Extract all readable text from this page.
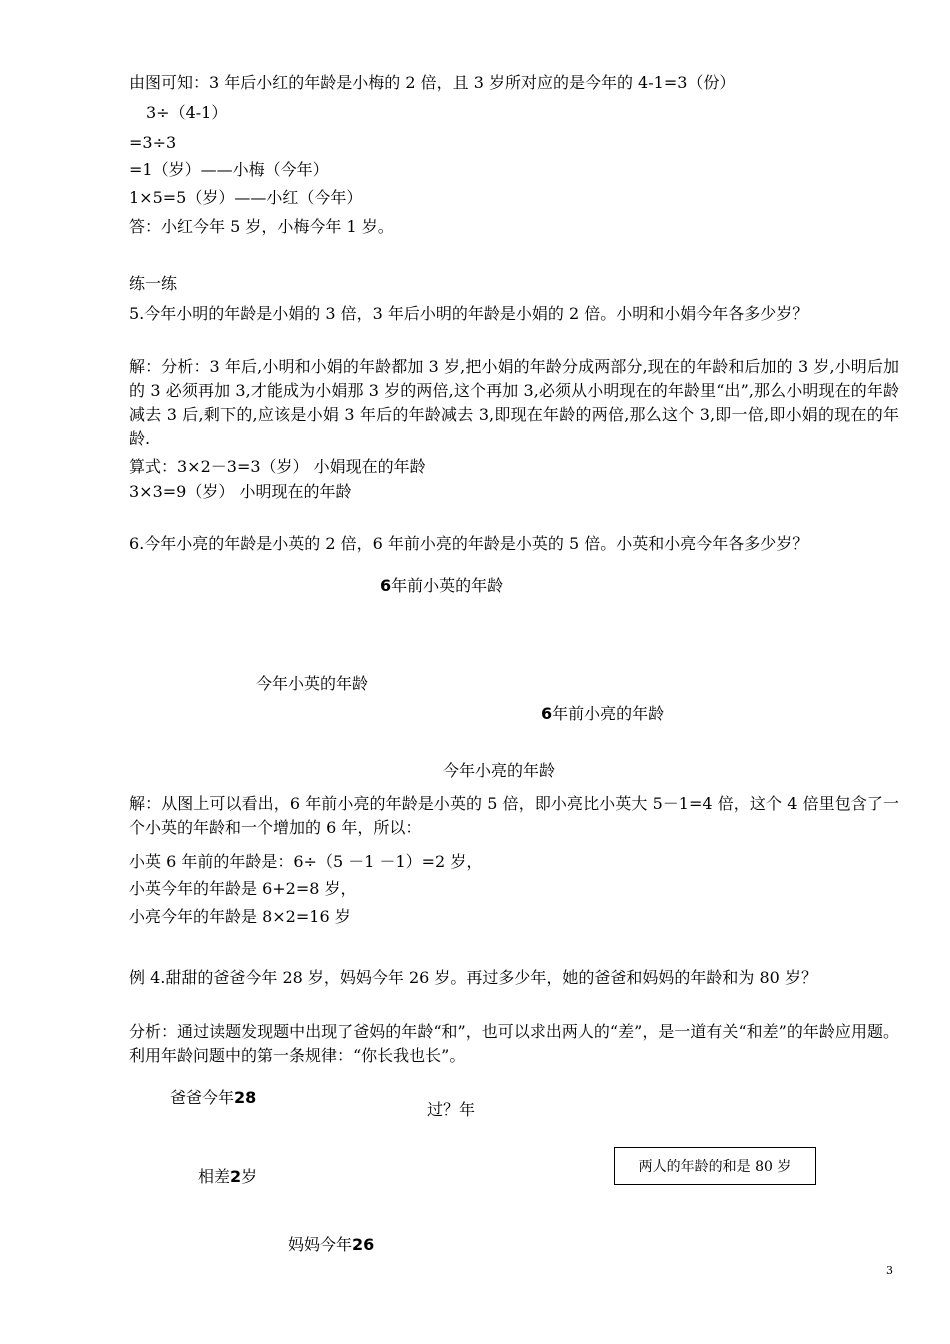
由图可知：3 年后小红的年龄是小梅的 2 倍，且 3 岁所对应的是今年的 4-1=3（份）
3÷（4-1）
=3÷3
=1（岁）——小梅（今年）
1×5=5（岁）——小红（今年）
答：小红今年 5 岁，小梅今年 1 岁。
练一练
5.今年小明的年龄是小娟的 3 倍，3 年后小明的年龄是小娟的 2 倍。小明和小娟今年各多少岁？
解：分析：3 年后,小明和小娟的年龄都加 3 岁,把小娟的年龄分成两部分,现在的年龄和后加的 3 岁,小明后加的 3 必须再加 3,才能成为小娟那 3 岁的两倍,这个再加 3,必须从小明现在的年龄里“出”,那么小明现在的年龄减去 3 后,剩下的,应该是小娟 3 年后的年龄减去 3,即现在年龄的两倍,那么这个 3,即一倍,即小娟的现在的年龄.
算式：3×2－3=3（岁） 小娟现在的年龄
3×3=9（岁） 小明现在的年龄
6.今年小亮的年龄是小英的 2 倍，6 年前小亮的年龄是小英的 5 倍。小英和小亮今年各多少岁？
6年前小英的年龄
今年小英的年龄
6年前小亮的年龄
今年小亮的年龄
解：从图上可以看出，6 年前小亮的年龄是小英的 5 倍，即小亮比小英大 5－1=4 倍，这个 4 倍里包含了一个小英的年龄和一个增加的 6 年，所以：
小英 6 年前的年龄是：6÷（5 －1 －1）=2 岁，
小英今年的年龄是 6+2=8 岁，
小亮今年的年龄是 8×2=16 岁
例 4.甜甜的爸爸今年 28 岁，妈妈今年 26 岁。再过多少年，她的爸爸和妈妈的年龄和为 80 岁？
分析：通过读题发现题中出现了爸妈的年龄“和”，也可以求出两人的“差”，是一道有关“和差”的年龄应用题。利用年龄问题中的第一条规律：“你长我也长”。
爸爸今年28
过？年
相差2岁	两人的年龄的和是 80 岁
妈妈今年26
3
